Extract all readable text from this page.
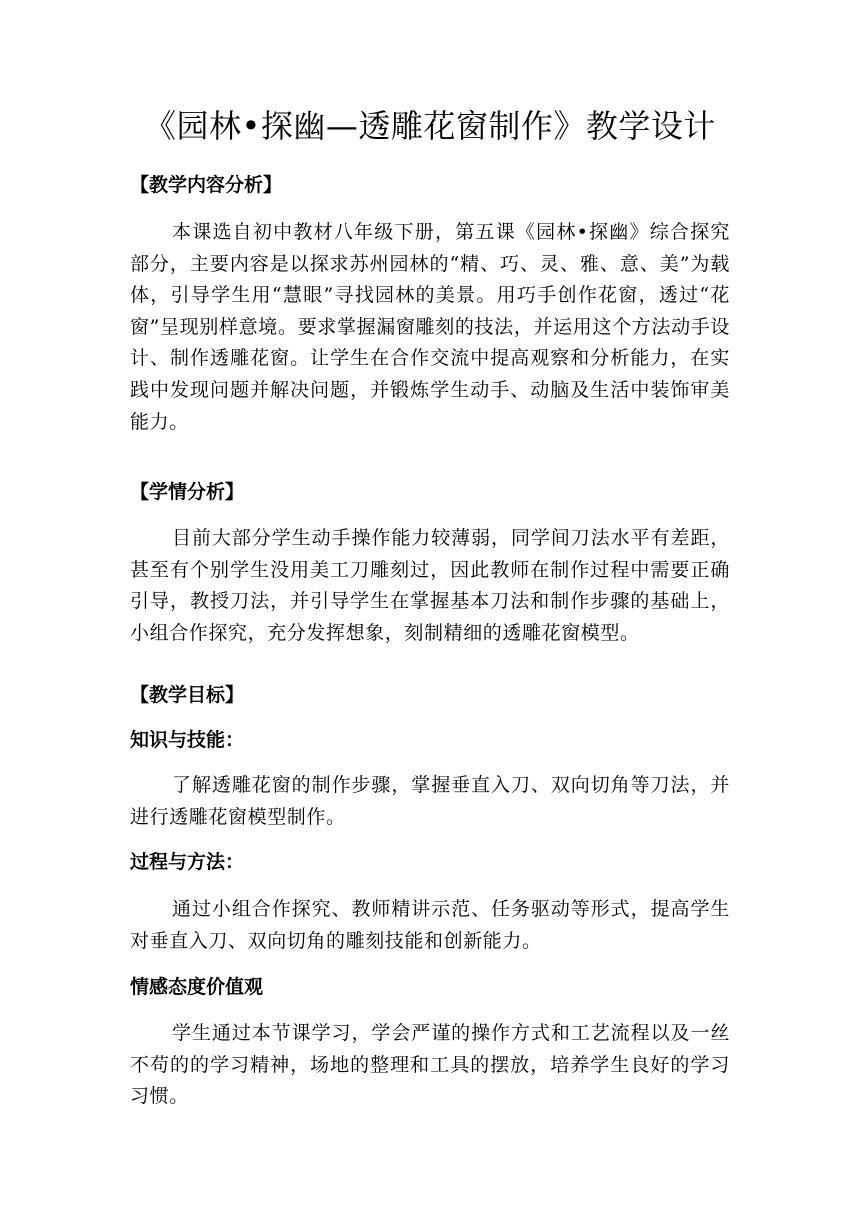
《园林•探幽—透雕花窗制作》教学设计
【教学内容分析】
本课选自初中教材八年级下册，第五课《园林•探幽》综合探究部分，主要内容是以探求苏州园林的“精、巧、灵、雅、意、美”为载体，引导学生用“慧眼”寻找园林的美景。用巧手创作花窗，透过“花窗”呈现别样意境。要求掌握漏窗雕刻的技法，并运用这个方法动手设计、制作透雕花窗。让学生在合作交流中提高观察和分析能力，在实践中发现问题并解决问题，并锻炼学生动手、动脑及生活中装饰审美能力。
【学情分析】
目前大部分学生动手操作能力较薄弱，同学间刀法水平有差距，甚至有个别学生没用美工刀雕刻过，因此教师在制作过程中需要正确引导，教授刀法，并引导学生在掌握基本刀法和制作步骤的基础上，小组合作探究，充分发挥想象，刻制精细的透雕花窗模型。
【教学目标】
知识与技能：
了解透雕花窗的制作步骤，掌握垂直入刀、双向切角等刀法，并进行透雕花窗模型制作。
过程与方法：
通过小组合作探究、教师精讲示范、任务驱动等形式，提高学生对垂直入刀、双向切角的雕刻技能和创新能力。
情感态度价值观
学生通过本节课学习，学会严谨的操作方式和工艺流程以及一丝不苟的的学习精神，场地的整理和工具的摆放，培养学生良好的学习习惯。
